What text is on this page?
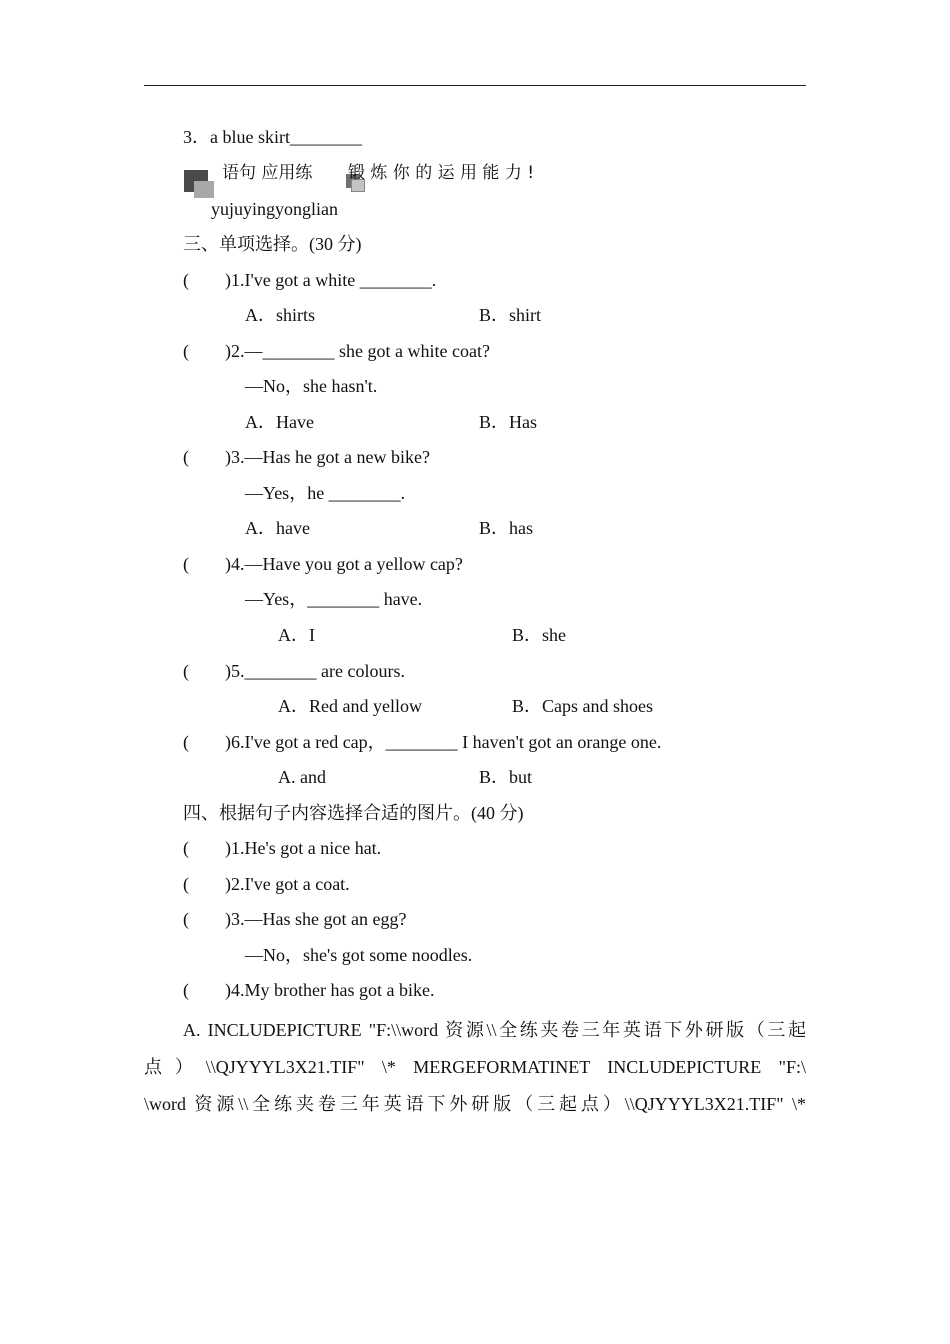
3．a blue skirt________
语句 应用练 锻 炼 你 的 运 用 能 力 !
yujuyingyonglian
三、单项选择。(30 分)
(　　)1.I've got a white ________.
A．shirts	B．shirt
(　　)2.—________ she got a white coat?
—No，she hasn't.
A．Have	B．Has
(　　)3.—Has he got a new bike?
—Yes，he ________.
A．have	B．has
(　　)4.—Have you got a yellow cap?
—Yes，________ have.
A．I	B．she
(　　)5.________ are colours.
A．Red and yellow	B．Caps and shoes
(　　)6.I've got a red cap，________ I haven't got an orange one.
A. and	B．but
四、根据句子内容选择合适的图片。(40 分)
(　　)1.He's got a nice hat.
(　　)2.I've got a coat.
(　　)3.—Has she got an egg?
—No，she's got some noodles.
(　　)4.My brother has got a bike.
A. INCLUDEPICTURE "F:\\word 资源\\全练夹卷三年英语下外研版（三起
点）\\QJYYYL3X21.TIF" \* MERGEFORMATINET INCLUDEPICTURE "F:\
\word 资源\\全练夹卷三年英语下外研版（三起点）\\QJYYYL3X21.TIF" \*
